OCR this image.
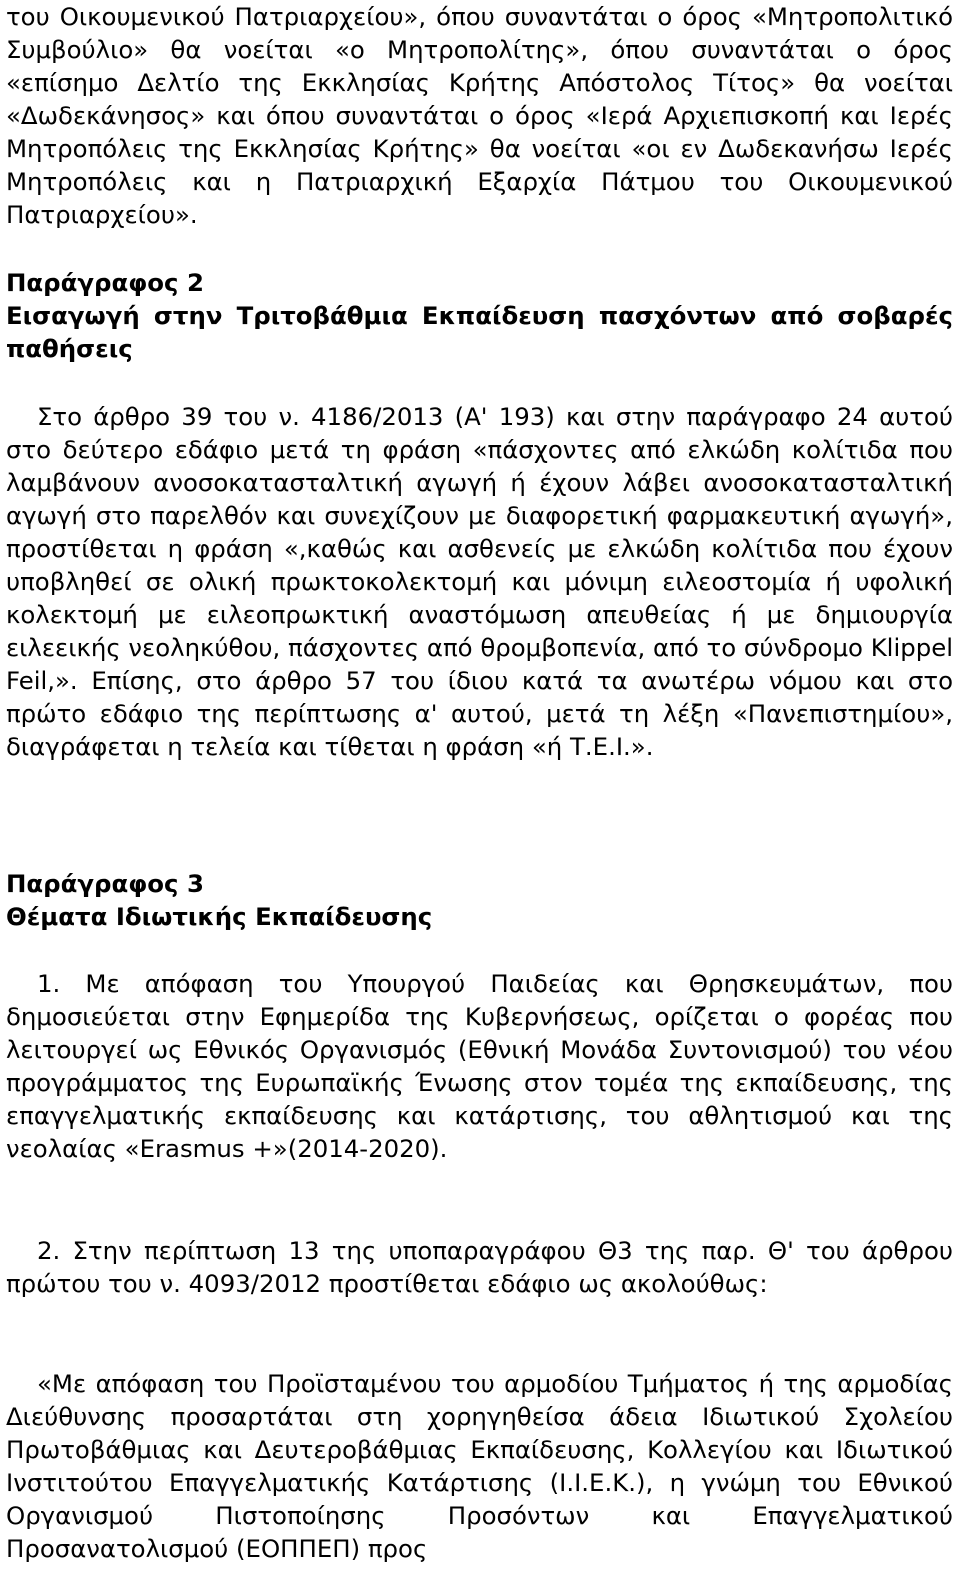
του Οικουμενικού Πατριαρχείου», όπου συναντάται ο όρος «Μητροπολιτικό Συμβούλιο» θα νοείται «ο Μητροπολίτης», όπου συναντάται ο όρος «επίσημο Δελτίο της Εκκλησίας Κρήτης Απόστολος Τίτος» θα νοείται «Δωδεκάνησος» και όπου συναντάται ο όρος «Ιερά Αρχιεπισκοπή και Ιερές Μητροπόλεις της Εκκλησίας Κρήτης» θα νοείται «οι εν Δωδεκανήσω Ιερές Μητροπόλεις και η Πατριαρχική Εξαρχία Πάτμου του Οικουμενικού Πατριαρχείου».

Παράγραφος 2
Εισαγωγή στην Τριτοβάθμια Εκπαίδευση πασχόντων από σοβαρές παθήσεις

Στο άρθρο 39 του ν. 4186/2013 (Α' 193) και στην παράγραφο 24 αυτού στο δεύτερο εδάφιο μετά τη φράση «πάσχοντες από ελκώδη κολίτιδα που λαμβάνουν ανοσοκατασταλτική αγωγή ή έχουν λάβει ανοσοκατασταλτική αγωγή στο παρελθόν και συνεχίζουν με διαφορετική φαρμακευτική αγωγή», προστίθεται η φράση «,καθώς και ασθενείς με ελκώδη κολίτιδα που έχουν υποβληθεί σε ολική πρωκτοκολεκτομή και μόνιμη ειλεοστομία ή υφολική κολεκτομή με ειλεοπρωκτική αναστόμωση απευθείας ή με δημιουργία ειλεεικής νεοληκύθου, πάσχοντες από θρομβοπενία, από το σύνδρομο Klippel Feil,». Επίσης, στο άρθρο 57 του ίδιου κατά τα ανωτέρω νόμου και στο πρώτο εδάφιο της περίπτωσης α' αυτού, μετά τη λέξη «Πανεπιστημίου», διαγράφεται η τελεία και τίθεται η φράση «ή Τ.Ε.Ι.».

Παράγραφος 3
Θέματα Ιδιωτικής Εκπαίδευσης

1. Με απόφαση του Υπουργού Παιδείας και Θρησκευμάτων, που δημοσιεύεται στην Εφημερίδα της Κυβερνήσεως, ορίζεται ο φορέας που λειτουργεί ως Εθνικός Οργανισμός (Εθνική Μονάδα Συντονισμού) του νέου προγράμματος της Ευρωπαϊκής Ένωσης στον τομέα της εκπαίδευσης, της επαγγελματικής εκπαίδευσης και κατάρτισης, του αθλητισμού και της νεολαίας «Erasmus +»(2014-2020).

2. Στην περίπτωση 13 της υποπαραγράφου Θ3 της παρ. Θ' του άρθρου πρώτου του ν. 4093/2012 προστίθεται εδάφιο ως ακολούθως:

«Με απόφαση του Προϊσταμένου του αρμοδίου Τμήματος ή της αρμοδίας Διεύθυνσης προσαρτάται στη χορηγηθείσα άδεια Ιδιωτικού Σχολείου Πρωτοβάθμιας και Δευτεροβάθμιας Εκπαίδευσης, Κολλεγίου και Ιδιωτικού Ινστιτούτου Επαγγελματικής Κατάρτισης (Ι.Ι.Ε.Κ.), η γνώμη του Εθνικού Οργανισμού Πιστοποίησης Προσόντων και Επαγγελματικού Προσανατολισμού (ΕΟΠΠΕΠ) προς
